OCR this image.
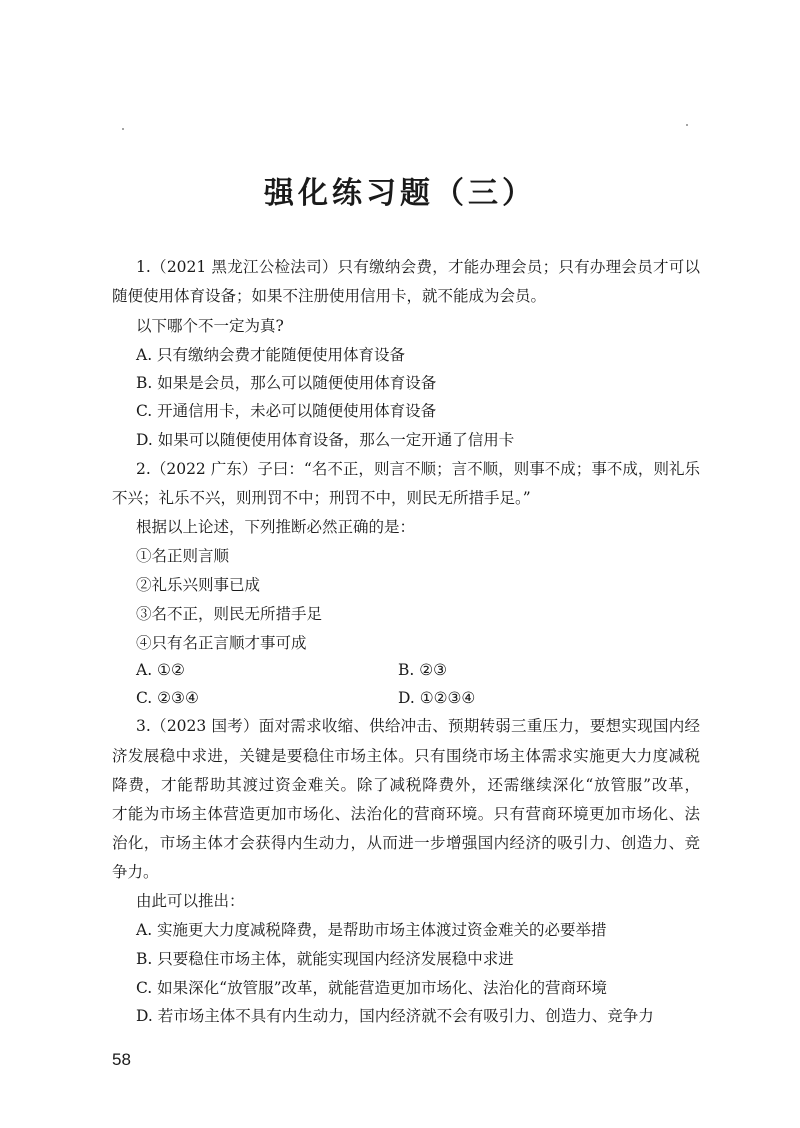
强化练习题（三）
1.（2021 黑龙江公检法司）只有缴纳会费，才能办理会员；只有办理会员才可以
随便使用体育设备；如果不注册使用信用卡，就不能成为会员。
以下哪个不一定为真?
A. 只有缴纳会费才能随便使用体育设备
B. 如果是会员，那么可以随便使用体育设备
C. 开通信用卡，未必可以随便使用体育设备
D. 如果可以随便使用体育设备，那么一定开通了信用卡
2.（2022 广东）子曰：“名不正，则言不顺；言不顺，则事不成；事不成，则礼乐
不兴；礼乐不兴，则刑罚不中；刑罚不中，则民无所措手足。”
根据以上论述，下列推断必然正确的是：
①名正则言顺
②礼乐兴则事已成
③名不正，则民无所措手足
④只有名正言顺才事可成
A. ①②	B. ②③
C. ②③④	D. ①②③④
3.（2023 国考）面对需求收缩、供给冲击、预期转弱三重压力，要想实现国内经
济发展稳中求进，关键是要稳住市场主体。只有围绕市场主体需求实施更大力度减税
降费，才能帮助其渡过资金难关。除了减税降费外，还需继续深化“放管服”改革，
才能为市场主体营造更加市场化、法治化的营商环境。只有营商环境更加市场化、法
治化，市场主体才会获得内生动力，从而进一步增强国内经济的吸引力、创造力、竞
争力。
由此可以推出：
A. 实施更大力度减税降费，是帮助市场主体渡过资金难关的必要举措
B. 只要稳住市场主体，就能实现国内经济发展稳中求进
C. 如果深化“放管服”改革，就能营造更加市场化、法治化的营商环境
D. 若市场主体不具有内生动力，国内经济就不会有吸引力、创造力、竞争力
58
